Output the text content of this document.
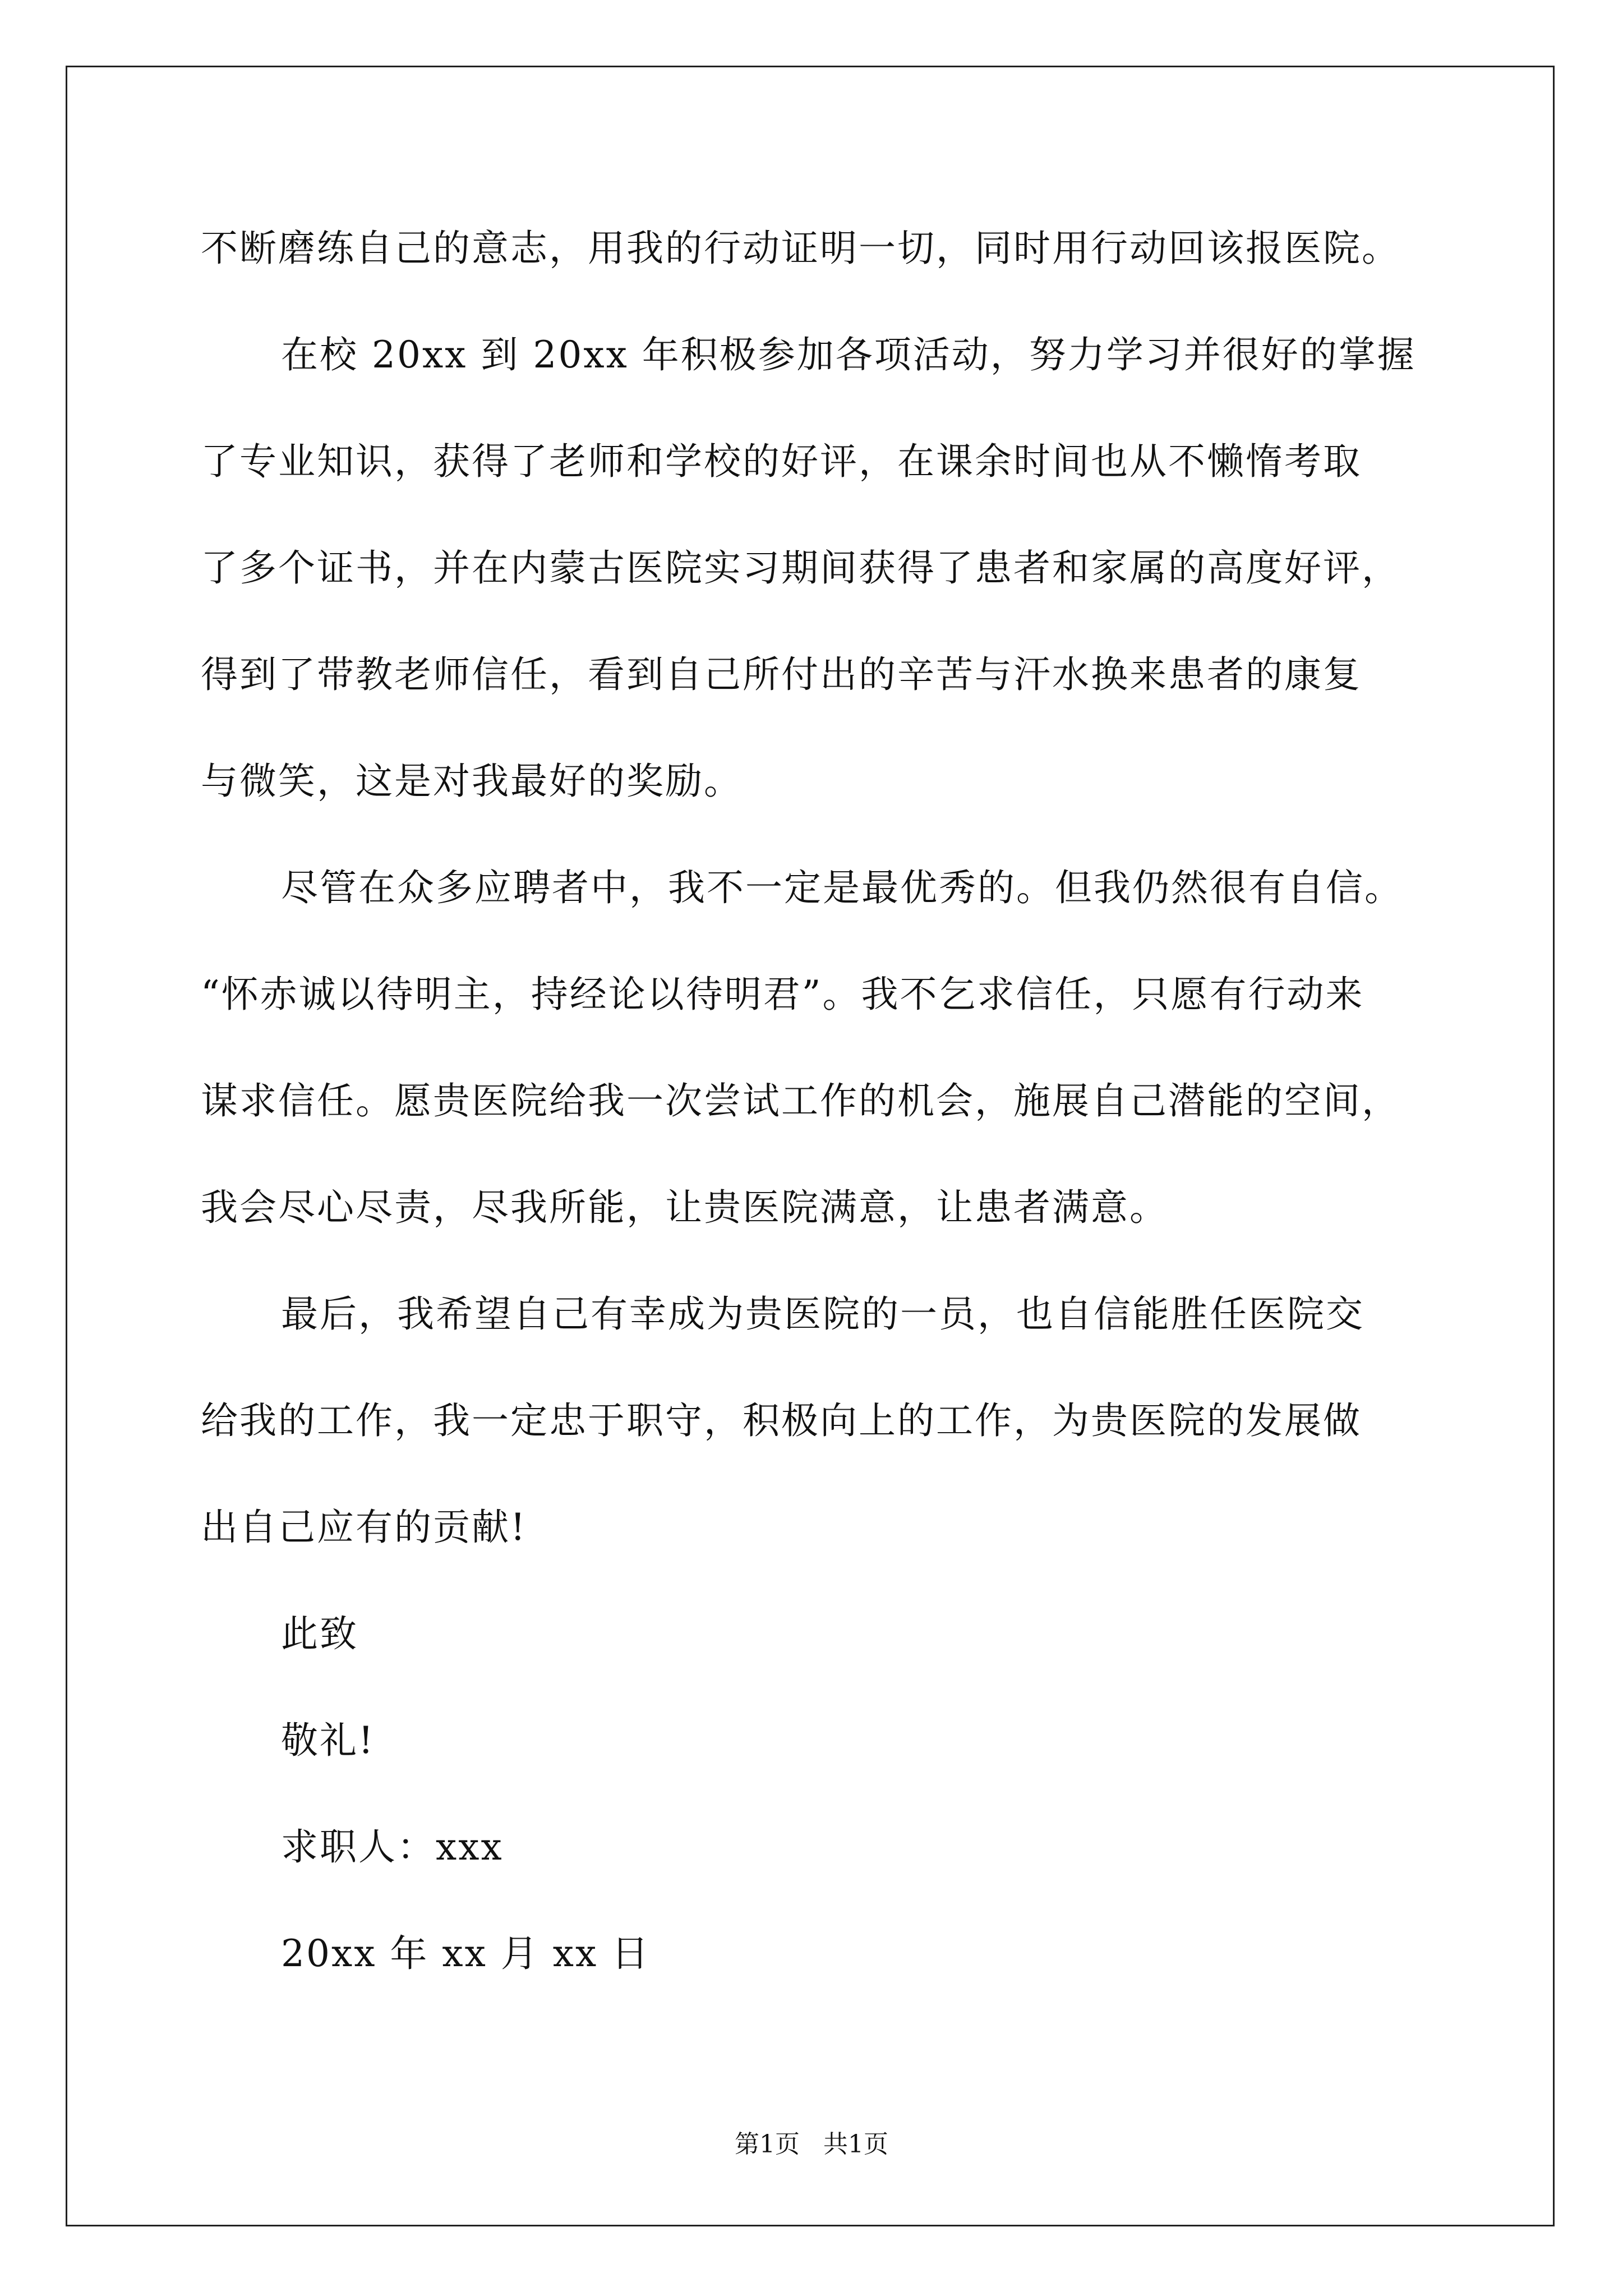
不断磨练自己的意志，用我的行动证明一切，同时用行动回该报医院。
在校 20xx 到 20xx 年积极参加各项活动，努力学习并很好的掌握
了专业知识，获得了老师和学校的好评，在课余时间也从不懒惰考取
了多个证书，并在内蒙古医院实习期间获得了患者和家属的高度好评，
得到了带教老师信任，看到自己所付出的辛苦与汗水换来患者的康复
与微笑，这是对我最好的奖励。
尽管在众多应聘者中，我不一定是最优秀的。但我仍然很有自信。
“怀赤诚以待明主，持经论以待明君”。我不乞求信任，只愿有行动来
谋求信任。愿贵医院给我一次尝试工作的机会，施展自己潜能的空间，
我会尽心尽责，尽我所能，让贵医院满意，让患者满意。
最后，我希望自己有幸成为贵医院的一员，也自信能胜任医院交
给我的工作，我一定忠于职守，积极向上的工作，为贵医院的发展做
出自己应有的贡献!
此致
敬礼!
求职人：xxx
20xx 年 xx 月 xx 日
第1页   共1页
